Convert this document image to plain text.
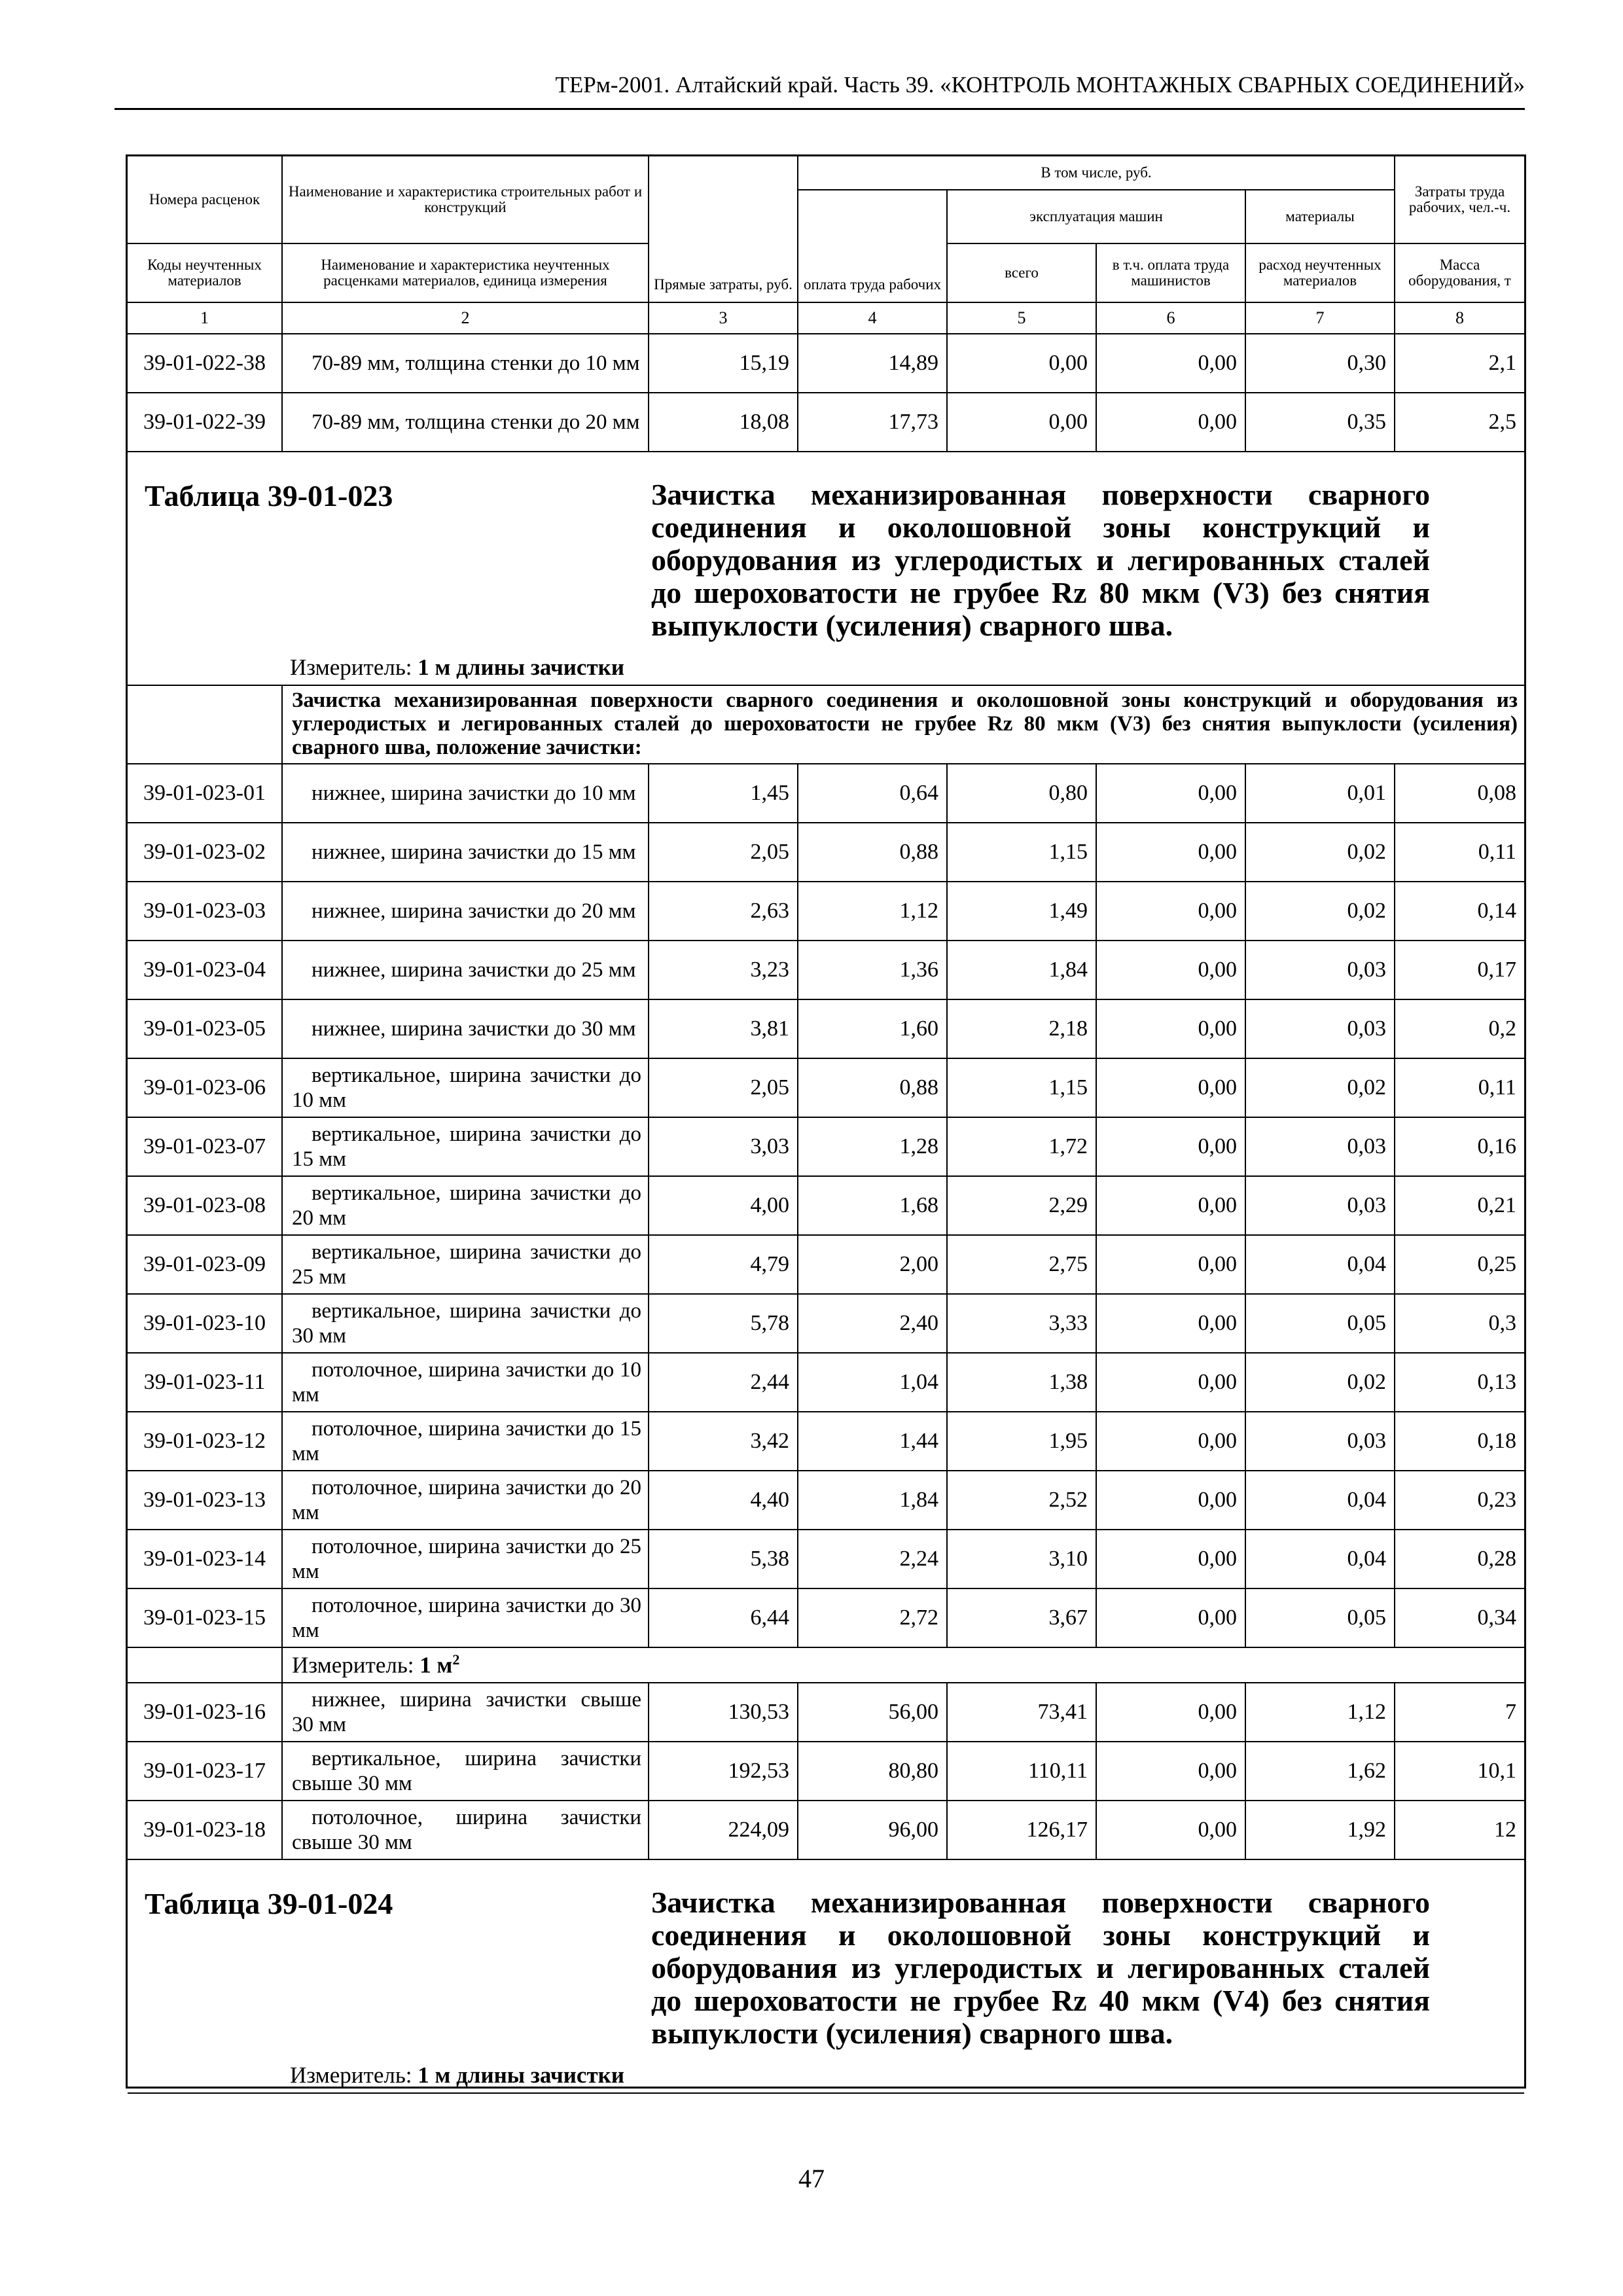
ТЕРм-2001. Алтайский край. Часть 39. «КОНТРОЛЬ МОНТАЖНЫХ СВАРНЫХ СОЕДИНЕНИЙ»
Номера расценок	Наименование и характеристика строительных работ и конструкций	Прямые затраты, руб.	В том числе, руб.				Затраты труда рабочих, чел.-ч.
			оплата труда рабочих	эксплуатация машин		материалы	
Коды неучтенных материалов	Наименование и характеристика неучтенных расценками материалов, единица измерения			всего	в т.ч. оплата труда машинистов	расход неучтенных материалов	Масса оборудования, т
1	2	3	4	5	6	7	8
39-01-022-38	70-89 мм, толщина стенки до 10 мм	15,19	14,89	0,00	0,00	0,30	2,1
39-01-022-39	70-89 мм, толщина стенки до 20 мм	18,08	17,73	0,00	0,00	0,35	2,5

Таблица 39-01-023 Зачистка механизированная поверхности сварного соединения и околошовной зоны конструкций и оборудования из углеродистых и легированных сталей до шероховатости не грубее Rz 80 мкм (V3) без снятия выпуклости (усиления) сварного шва.
Измеритель: 1 м длины зачистки							

	Зачистка механизированная поверхности сварного соединения и околошовной зоны конструкций и оборудования из углеродистых и легированных сталей до шероховатости не грубее Rz 80 мкм (V3) без снятия выпуклости (усиления) сварного шва, положение зачистки:						
39-01-023-01	нижнее, ширина зачистки до 10 мм	1,45	0,64	0,80	0,00	0,01	0,08
39-01-023-02	нижнее, ширина зачистки до 15 мм	2,05	0,88	1,15	0,00	0,02	0,11
39-01-023-03	нижнее, ширина зачистки до 20 мм	2,63	1,12	1,49	0,00	0,02	0,14
39-01-023-04	нижнее, ширина зачистки до 25 мм	3,23	1,36	1,84	0,00	0,03	0,17
39-01-023-05	нижнее, ширина зачистки до 30 мм	3,81	1,60	2,18	0,00	0,03	0,2
39-01-023-06	вертикальное, ширина зачистки до 10 мм	2,05	0,88	1,15	0,00	0,02	0,11
39-01-023-07	вертикальное, ширина зачистки до 15 мм	3,03	1,28	1,72	0,00	0,03	0,16
39-01-023-08	вертикальное, ширина зачистки до 20 мм	4,00	1,68	2,29	0,00	0,03	0,21
39-01-023-09	вертикальное, ширина зачистки до 25 мм	4,79	2,00	2,75	0,00	0,04	0,25
39-01-023-10	вертикальное, ширина зачистки до 30 мм	5,78	2,40	3,33	0,00	0,05	0,3
39-01-023-11	потолочное, ширина зачистки до 10 мм	2,44	1,04	1,38	0,00	0,02	0,13
39-01-023-12	потолочное, ширина зачистки до 15 мм	3,42	1,44	1,95	0,00	0,03	0,18
39-01-023-13	потолочное, ширина зачистки до 20 мм	4,40	1,84	2,52	0,00	0,04	0,23
39-01-023-14	потолочное, ширина зачистки до 25 мм	5,38	2,24	3,10	0,00	0,04	0,28
39-01-023-15	потолочное, ширина зачистки до 30 мм	6,44	2,72	3,67	0,00	0,05	0,34
	Измеритель: 1 $м^2$
39-01-023-16	нижнее, ширина зачистки свыше 30 мм	130,53	56,00	73,41	0,00	1,12	7
39-01-023-17	вертикальное, ширина зачистки свыше 30 мм	192,53	80,80	110,11	0,00	1,62	10,1
39-01-023-18	потолочное, ширина зачистки свыше 30 мм	224,09	96,00	126,17	0,00	1,92	12

Таблица 39-01-024 Зачистка механизированная поверхности сварного соединения и околошовной зоны конструкций и оборудования из углеродистых и легированных сталей до шероховатости не грубее Rz 40 мкм (V4) без снятия выпуклости (усиления) сварного шва.
Измеритель: 1 м длины зачистки							
47
